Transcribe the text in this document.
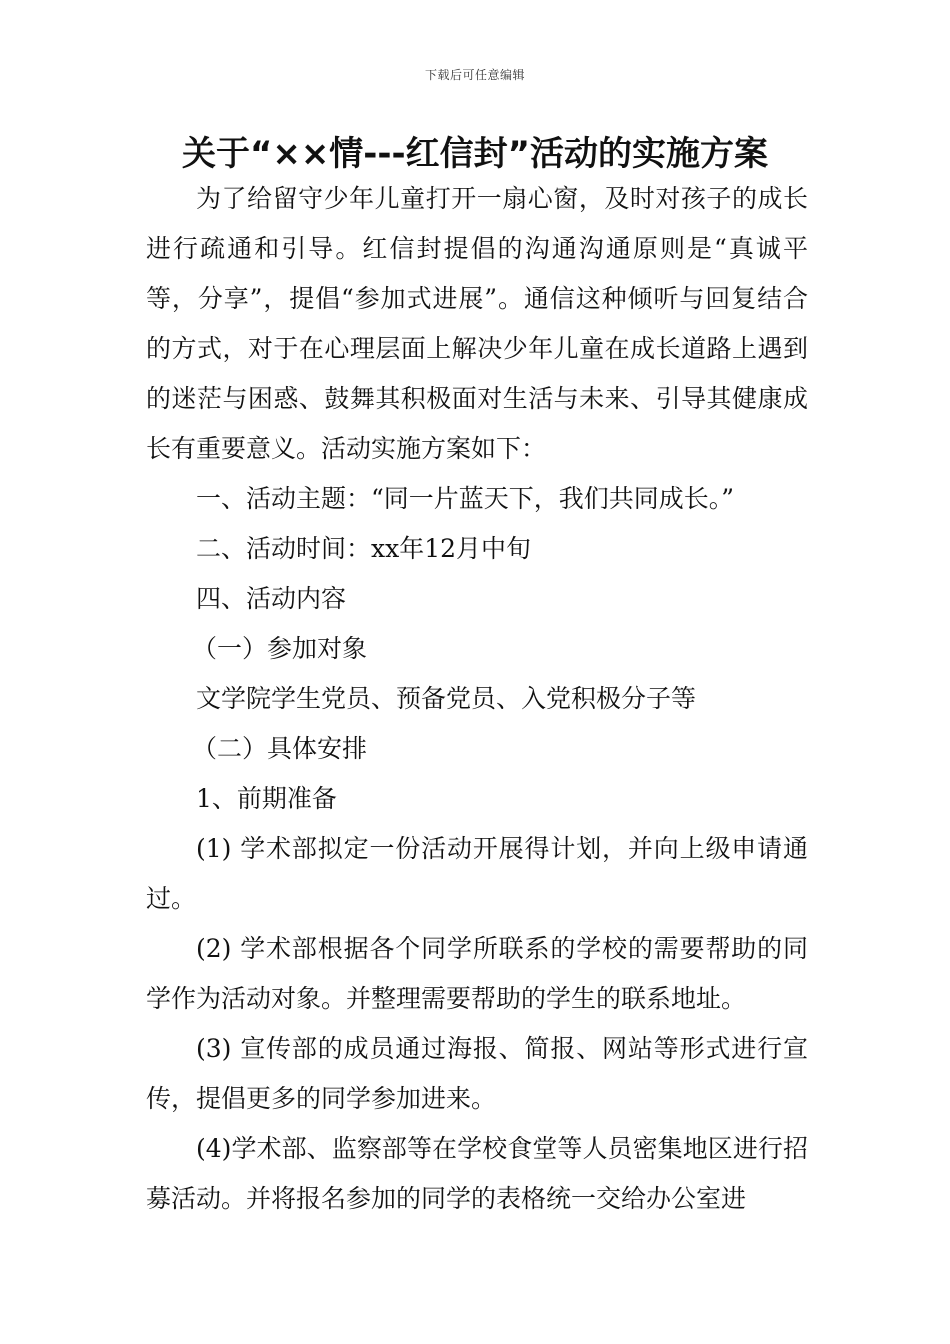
下载后可任意编辑
关于“××情---红信封”活动的实施方案

为了给留守少年儿童打开一扇心窗，及时对孩子的成长进行疏通和引导。红信封提倡的沟通沟通原则是“真诚平等，分享”，提倡“参加式进展”。通信这种倾听与回复结合的方式，对于在心理层面上解决少年儿童在成长道路上遇到的迷茫与困惑、鼓舞其积极面对生活与未来、引导其健康成长有重要意义。活动实施方案如下：

一、活动主题：“同一片蓝天下，我们共同成长。”

二、活动时间：xx年12月中旬

四、活动内容

（一）参加对象

文学院学生党员、预备党员、入党积极分子等

（二）具体安排

1、前期准备

(1) 学术部拟定一份活动开展得计划，并向上级申请通过。

(2) 学术部根据各个同学所联系的学校的需要帮助的同学作为活动对象。并整理需要帮助的学生的联系地址。

(3) 宣传部的成员通过海报、简报、网站等形式进行宣传，提倡更多的同学参加进来。

(4)学术部、监察部等在学校食堂等人员密集地区进行招募活动。并将报名参加的同学的表格统一交给办公室进
